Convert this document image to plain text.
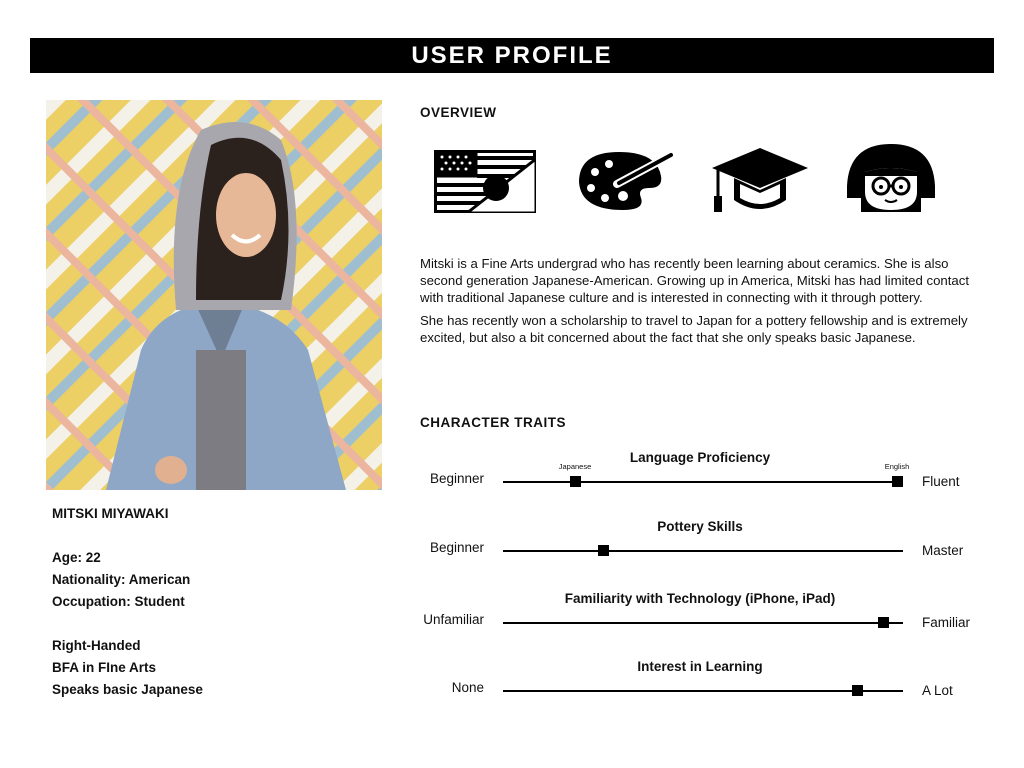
USER PROFILE
MITSKI MIYAWAKI
Age: 22
Nationality: American
Occupation: Student
Right-Handed
BFA in FIne Arts
Speaks basic Japanese
OVERVIEW

Mitski is a Fine Arts undergrad who has recently been learning about ceramics. She is also second generation Japanese-American. Growing up in America, Mitski has had limited contact with traditional Japanese culture and is interested in connecting with it through pottery.

She has recently won a scholarship to travel to Japan for a pottery fellowship and is extremely excited, but also a bit concerned about the fact that she only speaks basic Japanese.

CHARACTER TRAITS
Language Proficiency
Beginner	Fluent
Japanese	English
Pottery Skills
Beginner	Master
Familiarity with Technology (iPhone, iPad)
Unfamiliar	Familiar
Interest in Learning
None	A Lot
